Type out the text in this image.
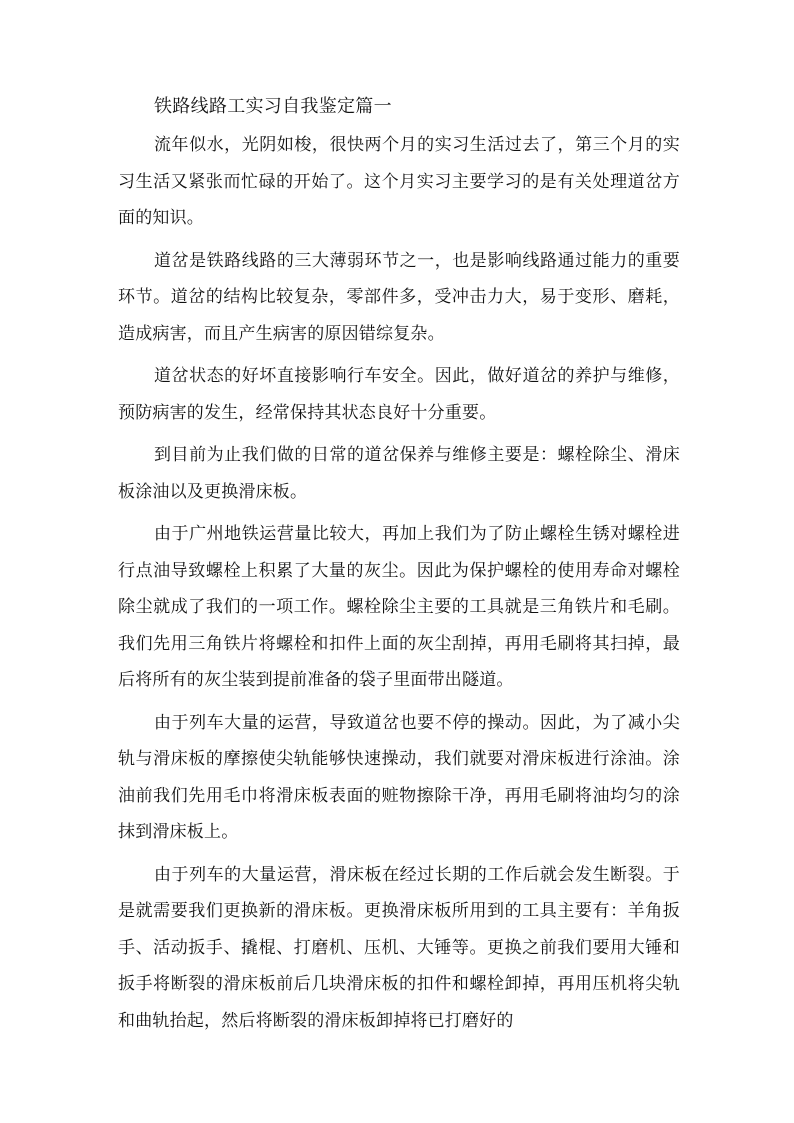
铁路线路工实习自我鉴定篇一

流年似水，光阴如梭，很快两个月的实习生活过去了，第三个月的实习生活又紧张而忙碌的开始了。这个月实习主要学习的是有关处理道岔方面的知识。

道岔是铁路线路的三大薄弱环节之一，也是影响线路通过能力的重要环节。道岔的结构比较复杂，零部件多，受冲击力大，易于变形、磨耗，造成病害，而且产生病害的原因错综复杂。

道岔状态的好坏直接影响行车安全。因此，做好道岔的养护与维修，预防病害的发生，经常保持其状态良好十分重要。

到目前为止我们做的日常的道岔保养与维修主要是：螺栓除尘、滑床板涂油以及更换滑床板。

由于广州地铁运营量比较大，再加上我们为了防止螺栓生锈对螺栓进行点油导致螺栓上积累了大量的灰尘。因此为保护螺栓的使用寿命对螺栓除尘就成了我们的一项工作。螺栓除尘主要的工具就是三角铁片和毛刷。我们先用三角铁片将螺栓和扣件上面的灰尘刮掉，再用毛刷将其扫掉，最后将所有的灰尘装到提前准备的袋子里面带出隧道。

由于列车大量的运营，导致道岔也要不停的操动。因此，为了减小尖轨与滑床板的摩擦使尖轨能够快速操动，我们就要对滑床板进行涂油。涂油前我们先用毛巾将滑床板表面的赃物擦除干净，再用毛刷将油均匀的涂抹到滑床板上。

由于列车的大量运营，滑床板在经过长期的工作后就会发生断裂。于是就需要我们更换新的滑床板。更换滑床板所用到的工具主要有：羊角扳手、活动扳手、撬棍、打磨机、压机、大锤等。更换之前我们要用大锤和扳手将断裂的滑床板前后几块滑床板的扣件和螺栓卸掉，再用压机将尖轨和曲轨抬起，然后将断裂的滑床板卸掉将已打磨好的
